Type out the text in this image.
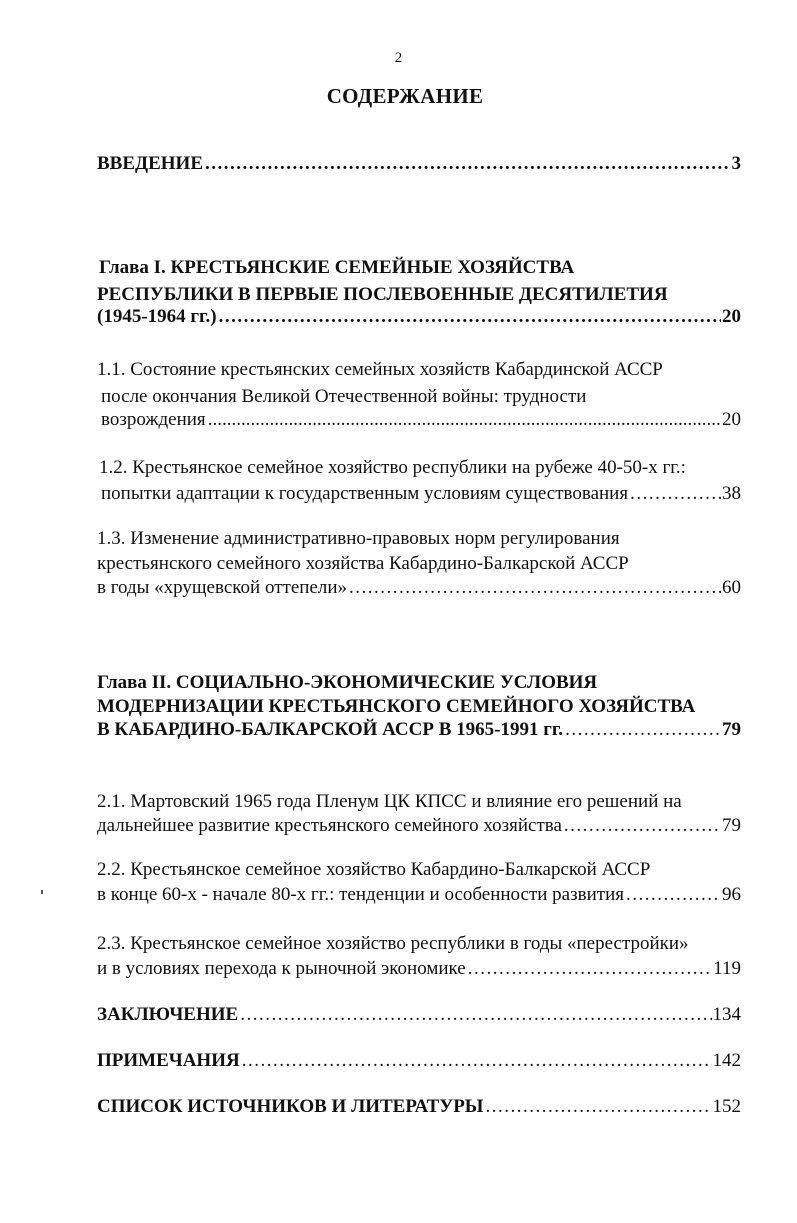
2
СОДЕРЖАНИЕ
ВВЕДЕНИЕ .....	3
Глава I. КРЕСТЬЯНСКИЕ СЕМЕЙНЫЕ ХОЗЯЙСТВА
РЕСПУБЛИКИ В ПЕРВЫЕ ПОСЛЕВОЕННЫЕ ДЕСЯТИЛЕТИЯ
(1945-1964 гг.) .....	20
1.1. Состояние крестьянских семейных хозяйств Кабардинской АССР
после окончания Великой Отечественной войны: трудности
возрождения .....	20
1.2. Крестьянское семейное хозяйство республики на рубеже 40-50-х гг.:
попытки адаптации к государственным условиям существования .....	38
1.3. Изменение административно-правовых норм регулирования
крестьянского семейного хозяйства Кабардино-Балкарской АССР
в годы «хрущевской оттепели» .....	60
Глава II. СОЦИАЛЬНО-ЭКОНОМИЧЕСКИЕ УСЛОВИЯ
МОДЕРНИЗАЦИИ КРЕСТЬЯНСКОГО СЕМЕЙНОГО ХОЗЯЙСТВА
В КАБАРДИНО-БАЛКАРСКОЙ АССР В 1965-1991 гг. .....	79
2.1. Мартовский 1965 года Пленум ЦК КПСС и влияние его решений на
дальнейшее развитие крестьянского семейного хозяйства .....	79
2.2. Крестьянское семейное хозяйство Кабардино-Балкарской АССР
в конце 60-х - начале 80-х гг.: тенденции и особенности развития .....	96
2.3. Крестьянское семейное хозяйство республики в годы «перестройки»
и в условиях перехода к рыночной экономике .....	119
ЗАКЛЮЧЕНИЕ .....	134
ПРИМЕЧАНИЯ .....	142
СПИСОК ИСТОЧНИКОВ И ЛИТЕРАТУРЫ .....	152
